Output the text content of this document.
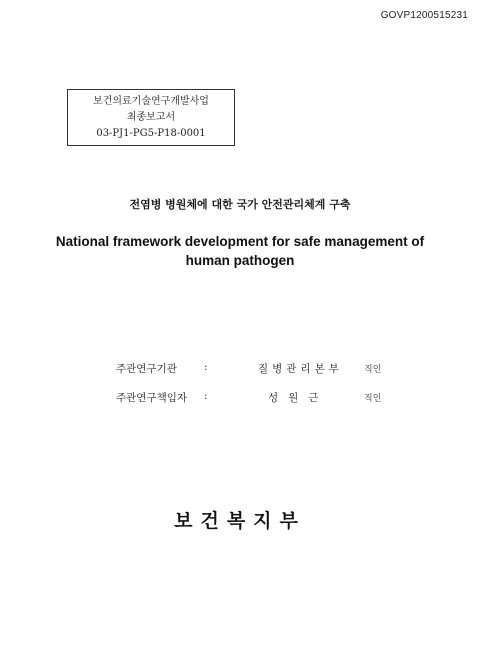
GOVP1200515231
보건의료기술연구개발사업
최종보고서
03-PJ1-PG5-P18-0001
전염병 병원체에 대한 국가 안전관리체계 구축
National framework development for safe management of
human pathogen
주관연구기관	:	질병관리본부 직인
주관연구책임자 :	성원근	직인
보건복지부
